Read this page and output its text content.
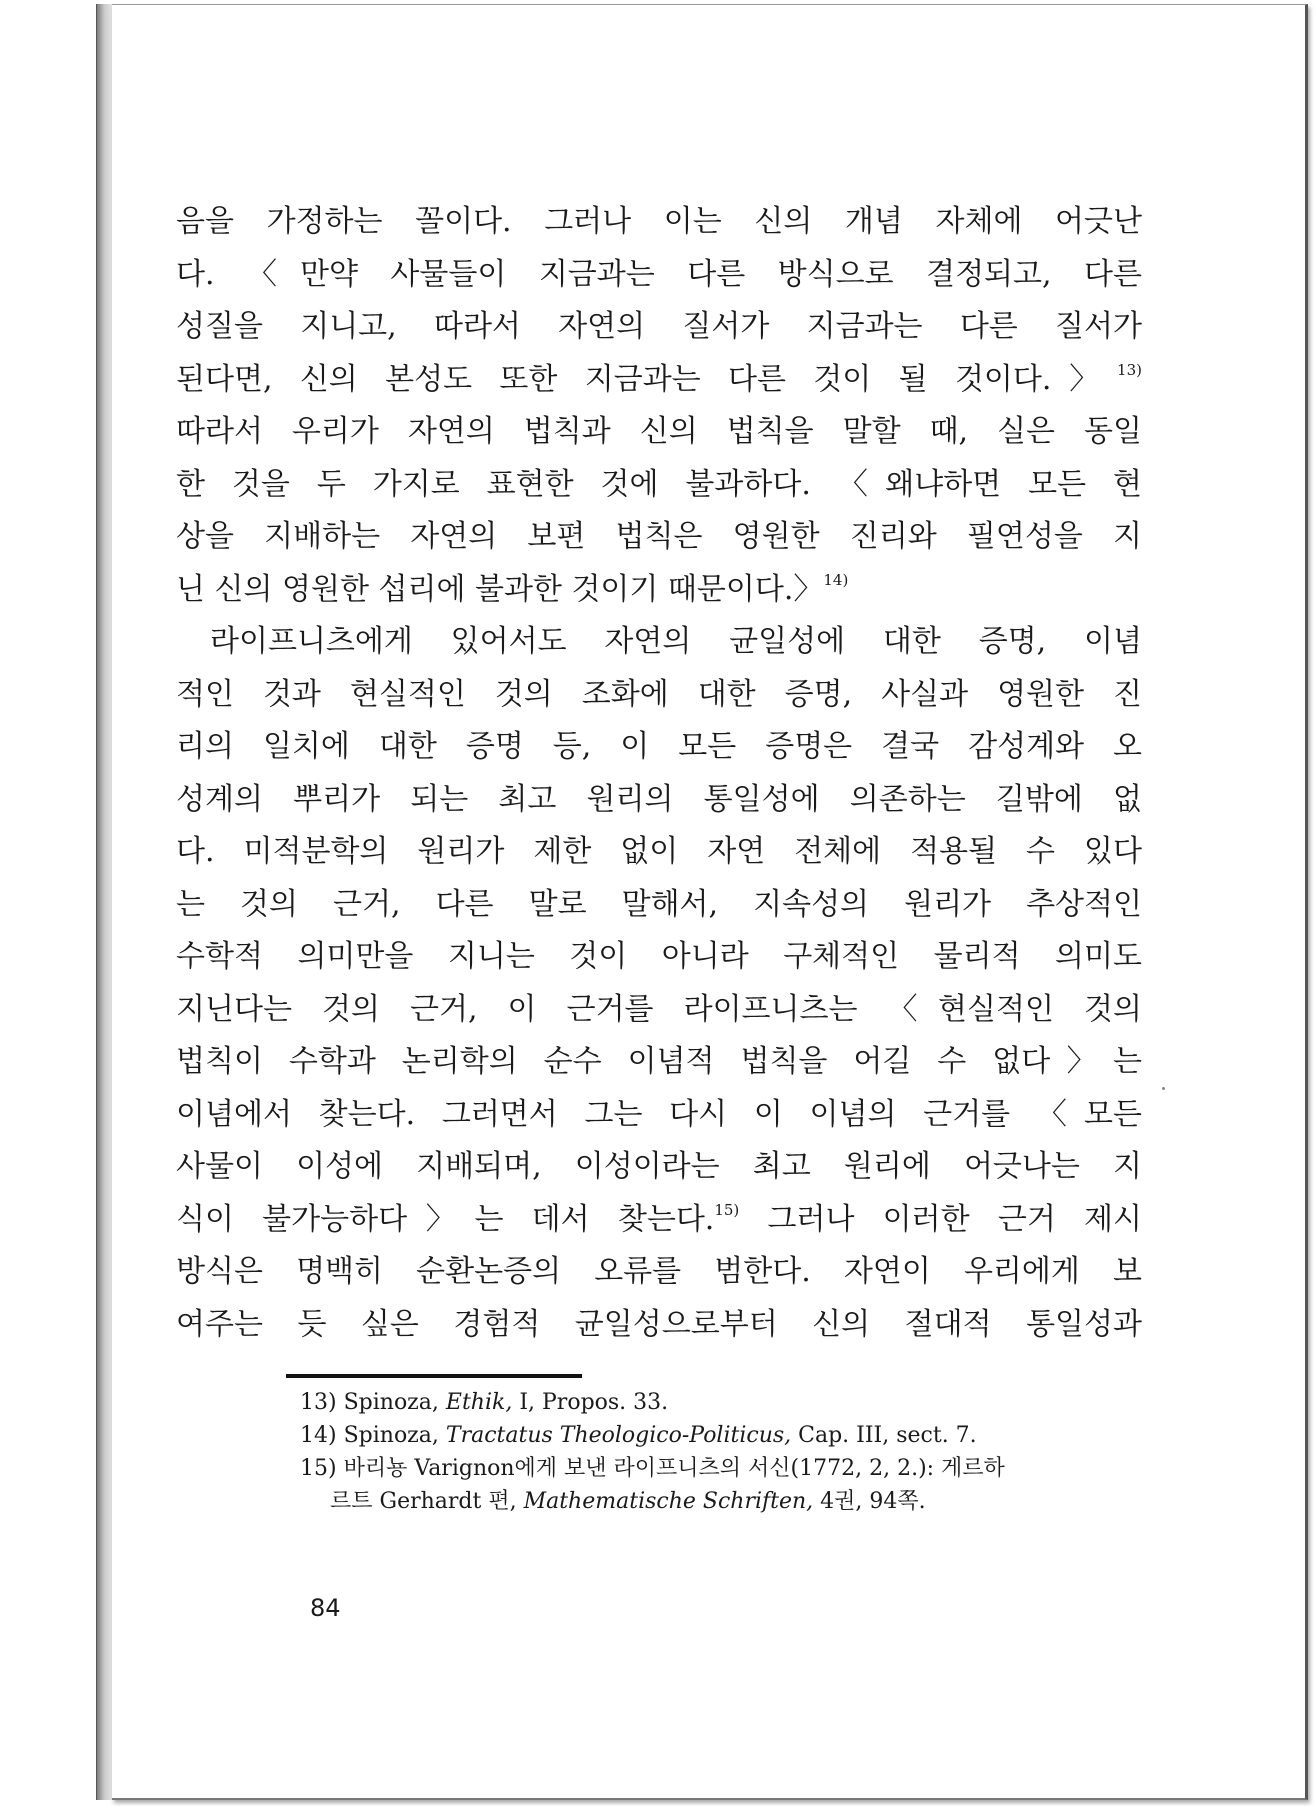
음을 가정하는 꼴이다. 그러나 이는 신의 개념 자체에 어긋난
다. 〈만약 사물들이 지금과는 다른 방식으로 결정되고, 다른
성질을 지니고, 따라서 자연의 질서가 지금과는 다른 질서가
된다면, 신의 본성도 또한 지금과는 다른 것이 될 것이다.〉$^{13)}$
따라서 우리가 자연의 법칙과 신의 법칙을 말할 때, 실은 동일
한 것을 두 가지로 표현한 것에 불과하다. 〈왜냐하면 모든 현
상을 지배하는 자연의 보편 법칙은 영원한 진리와 필연성을 지
닌 신의 영원한 섭리에 불과한 것이기 때문이다.〉$^{14)}$
라이프니츠에게 있어서도 자연의 균일성에 대한 증명, 이념
적인 것과 현실적인 것의 조화에 대한 증명, 사실과 영원한 진
리의 일치에 대한 증명 등, 이 모든 증명은 결국 감성계와 오
성계의 뿌리가 되는 최고 원리의 통일성에 의존하는 길밖에 없
다. 미적분학의 원리가 제한 없이 자연 전체에 적용될 수 있다
는 것의 근거, 다른 말로 말해서, 지속성의 원리가 추상적인
수학적 의미만을 지니는 것이 아니라 구체적인 물리적 의미도
지닌다는 것의 근거, 이 근거를 라이프니츠는 〈현실적인 것의
법칙이 수학과 논리학의 순수 이념적 법칙을 어길 수 없다〉는
이념에서 찾는다. 그러면서 그는 다시 이 이념의 근거를 〈모든
사물이 이성에 지배되며, 이성이라는 최고 원리에 어긋나는 지
식이 불가능하다〉는 데서 찾는다.$^{15)}$ 그러나 이러한 근거 제시
방식은 명백히 순환논증의 오류를 범한다. 자연이 우리에게 보
여주는 듯 싶은 경험적 균일성으로부터 신의 절대적 통일성과
13) Spinoza, Ethik, I, Propos. 33.
14) Spinoza, Tractatus Theologico-Politicus, Cap. III, sect. 7.
15) 바리뇽 Varignon에게 보낸 라이프니츠의 서신(1772, 2, 2.): 게르하
르트 Gerhardt 편, Mathematische Schriften, 4권, 94쪽.
84
